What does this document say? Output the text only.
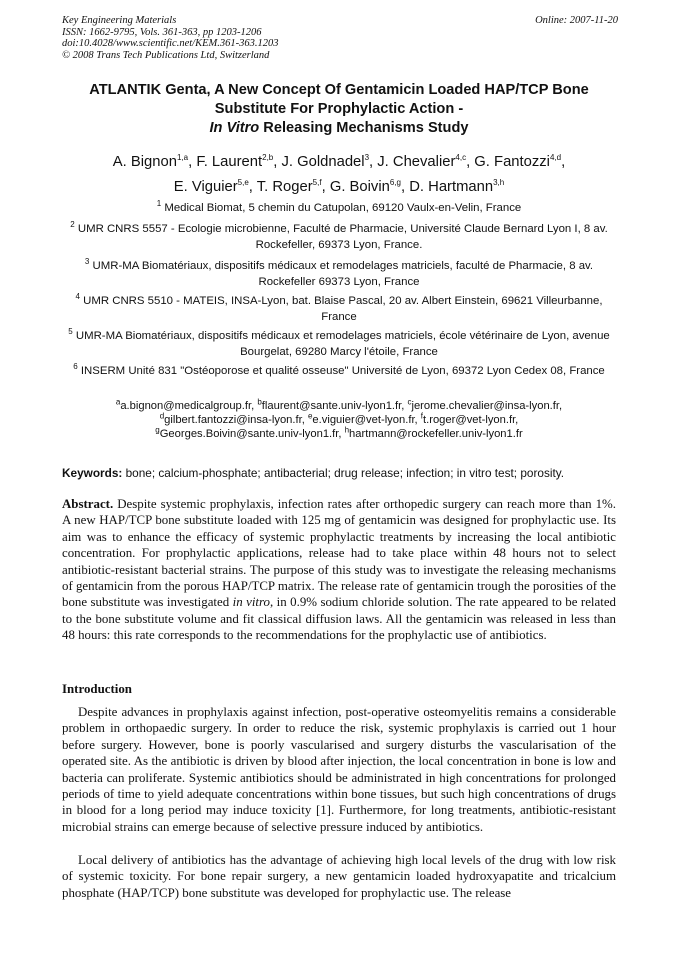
Key Engineering Materials
ISSN: 1662-9795, Vols. 361-363, pp 1203-1206
doi:10.4028/www.scientific.net/KEM.361-363.1203
© 2008 Trans Tech Publications Ltd, Switzerland
Online: 2007-11-20
ATLANTIK Genta, A New Concept Of Gentamicin Loaded HAP/TCP Bone
Substitute For Prophylactic Action -
In Vitro Releasing Mechanisms Study
A. Bignon$^{1,a}$, F. Laurent$^{2,b}$, J. Goldnadel$^3$, J. Chevalier$^{4,c}$, G. Fantozzi$^{4,d}$,
E. Viguier$^{5,e}$, T. Roger$^{5,f}$, G. Boivin$^{6,g}$, D. Hartmann$^{3,h}$
$^1$ Medical Biomat, 5 chemin du Catupolan, 69120 Vaulx-en-Velin, France
$^2$ UMR CNRS 5557 - Ecologie microbienne, Faculté de Pharmacie, Université Claude Bernard Lyon I, 8 av. Rockefeller, 69373 Lyon, France.
$^3$ UMR-MA Biomatériaux, dispositifs médicaux et remodelages matriciels, faculté de Pharmacie, 8 av. Rockefeller 69373 Lyon, France
$^4$ UMR CNRS 5510 - MATEIS, INSA-Lyon, bat. Blaise Pascal, 20 av. Albert Einstein, 69621 Villeurbanne, France
$^5$ UMR-MA Biomatériaux, dispositifs médicaux et remodelages matriciels, école vétérinaire de Lyon, avenue Bourgelat, 69280 Marcy l'étoile, France
$^6$ INSERM Unité 831 "Ostéoporose et qualité osseuse" Université de Lyon, 69372 Lyon Cedex 08, France
$^a$a.bignon@medicalgroup.fr, $^b$flaurent@sante.univ-lyon1.fr, $^c$jerome.chevalier@insa-lyon.fr,
$^d$gilbert.fantozzi@insa-lyon.fr, $^e$e.viguier@vet-lyon.fr, $^f$t.roger@vet-lyon.fr,
$^g$Georges.Boivin@sante.univ-lyon1.fr, $^h$hartmann@rockefeller.univ-lyon1.fr
Keywords: bone; calcium-phosphate; antibacterial; drug release; infection; in vitro test; porosity.
Abstract. Despite systemic prophylaxis, infection rates after orthopedic surgery can reach more than 1%. A new HAP/TCP bone substitute loaded with 125 mg of gentamicin was designed for prophylactic use. Its aim was to enhance the efficacy of systemic prophylactic treatments by increasing the local antibiotic concentration. For prophylactic applications, release had to take place within 48 hours not to select antibiotic-resistant bacterial strains. The purpose of this study was to investigate the releasing mechanisms of gentamicin from the porous HAP/TCP matrix. The release rate of gentamicin trough the porosities of the bone substitute was investigated in vitro, in 0.9% sodium chloride solution. The rate appeared to be related to the bone substitute volume and fit classical diffusion laws. All the gentamicin was released in less than 48 hours: this rate corresponds to the recommendations for the prophylactic use of antibiotics.
Introduction
Despite advances in prophylaxis against infection, post-operative osteomyelitis remains a considerable problem in orthopaedic surgery. In order to reduce the risk, systemic prophylaxis is carried out 1 hour before surgery. However, bone is poorly vascularised and surgery disturbs the vascularisation of the operated site. As the antibiotic is driven by blood after injection, the local concentration in bone is low and bacteria can proliferate. Systemic antibiotics should be administrated in high concentrations for prolonged periods of time to yield adequate concentrations within bone tissues, but such high concentrations of drugs in blood for a long period may induce toxicity [1]. Furthermore, for long treatments, antibiotic-resistant microbial strains can emerge because of selective pressure induced by antibiotics.
Local delivery of antibiotics has the advantage of achieving high local levels of the drug with low risk of systemic toxicity. For bone repair surgery, a new gentamicin loaded hydroxyapatite and tricalcium phosphate (HAP/TCP) bone substitute was developed for prophylactic use. The release
